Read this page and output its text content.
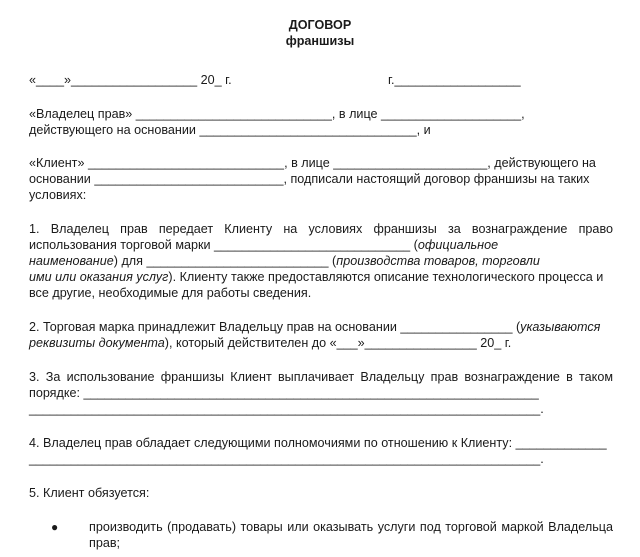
ДОГОВОР
франшизы
«____»__________________ 20_ г.	г.__________________
«Владелец прав» ____________________________, в лице ____________________,
действующего на основании _______________________________, и
«Клиент» ____________________________, в лице ______________________, действующего на
основании ___________________________, подписали настоящий договор франшизы на таких
условиях:
1. Владелец прав передает Клиенту на условиях франшизы за вознаграждение право
использования торговой марки ____________________________ (официальное
наименование) для __________________________ (производства товаров, торговли
ими или оказания услуг). Клиенту также предоставляются описание технологического процесса и
все другие, необходимые для работы сведения.
2. Торговая марка принадлежит Владельцу прав на основании ________________ (указываются
реквизиты документа), который действителен до «___»________________ 20_ г.
3. За использование франшизы Клиент выплачивает Владельцу прав вознаграждение в таком
порядке: _________________________________________________________________
_________________________________________________________________________.
4. Владелец прав обладает следующими полномочиями по отношению к Клиенту: _____________
_________________________________________________________________________.
5. Клиент обязуется:
● производить (продавать) товары или оказывать услуги под торговой маркой Владельца
прав;
